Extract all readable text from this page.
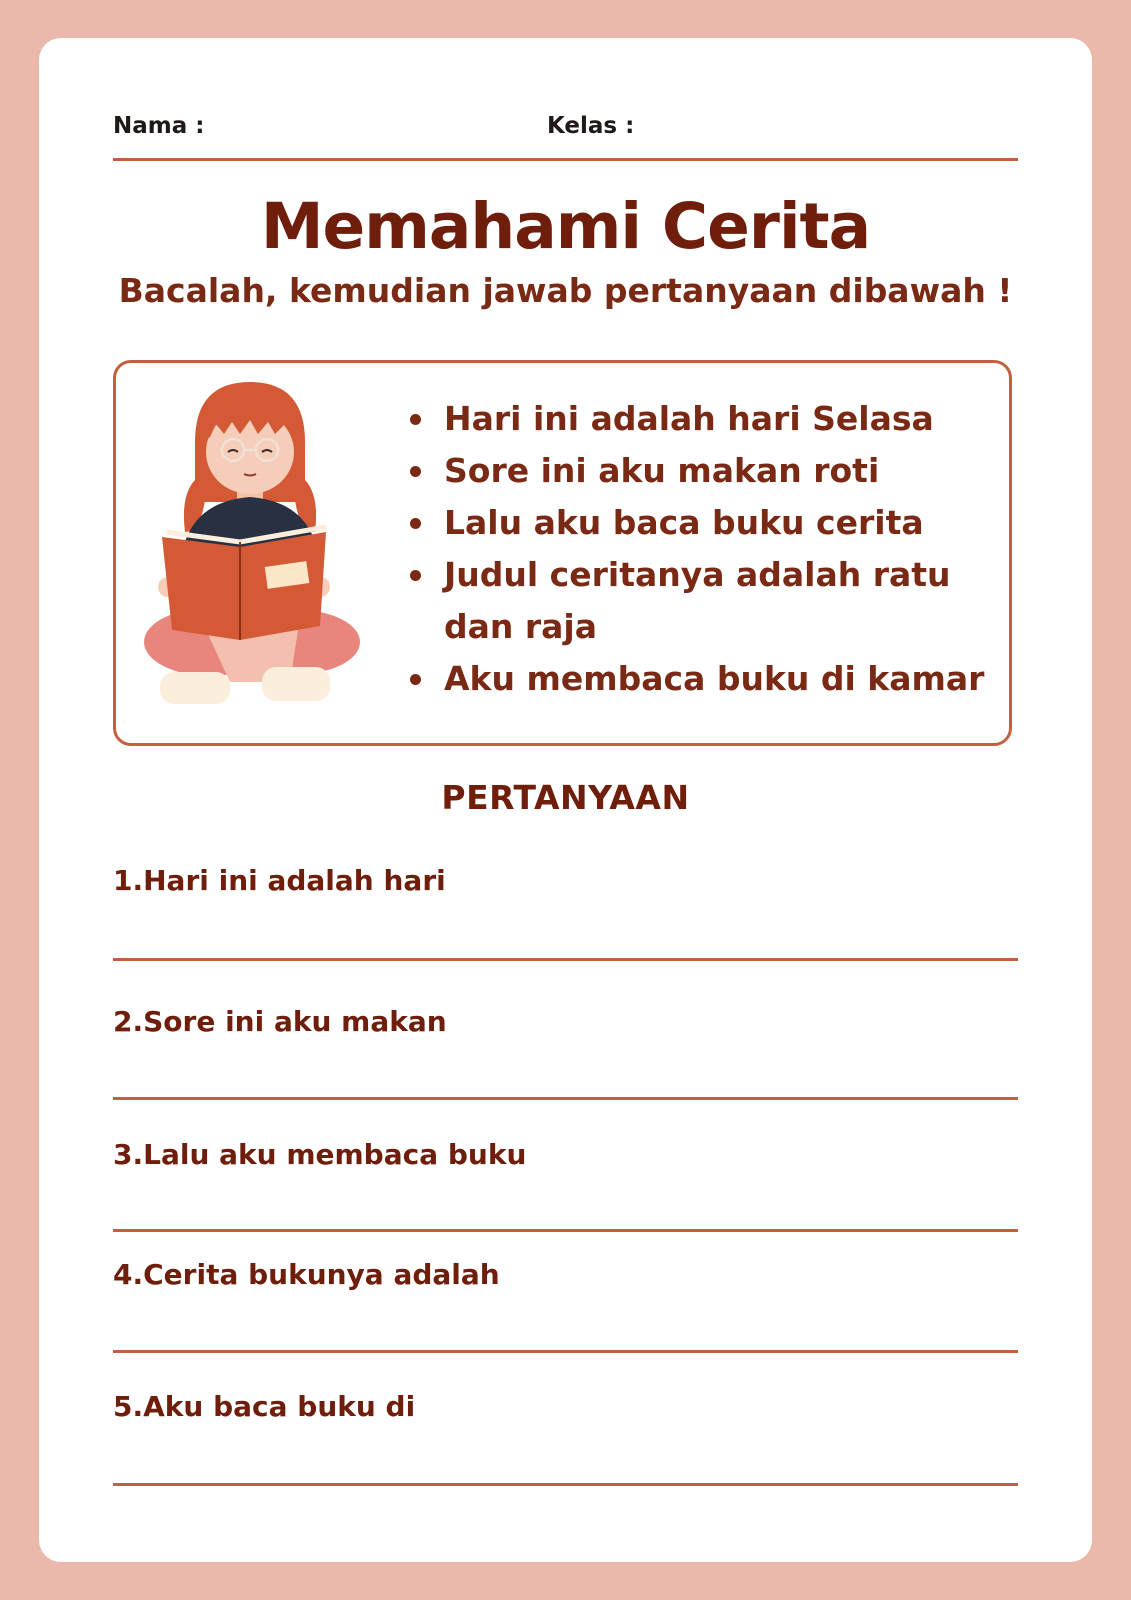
Nama :	Kelas :
Memahami Cerita
Bacalah, kemudian jawab pertanyaan dibawah !
Hari ini adalah hari Selasa
Sore ini aku makan roti
Lalu aku baca buku cerita
Judul ceritanya adalah ratu dan raja
Aku membaca buku di kamar
PERTANYAAN
1.Hari ini adalah hari
2.Sore ini aku makan
3.Lalu aku membaca buku
4.Cerita bukunya adalah
5.Aku baca buku di
